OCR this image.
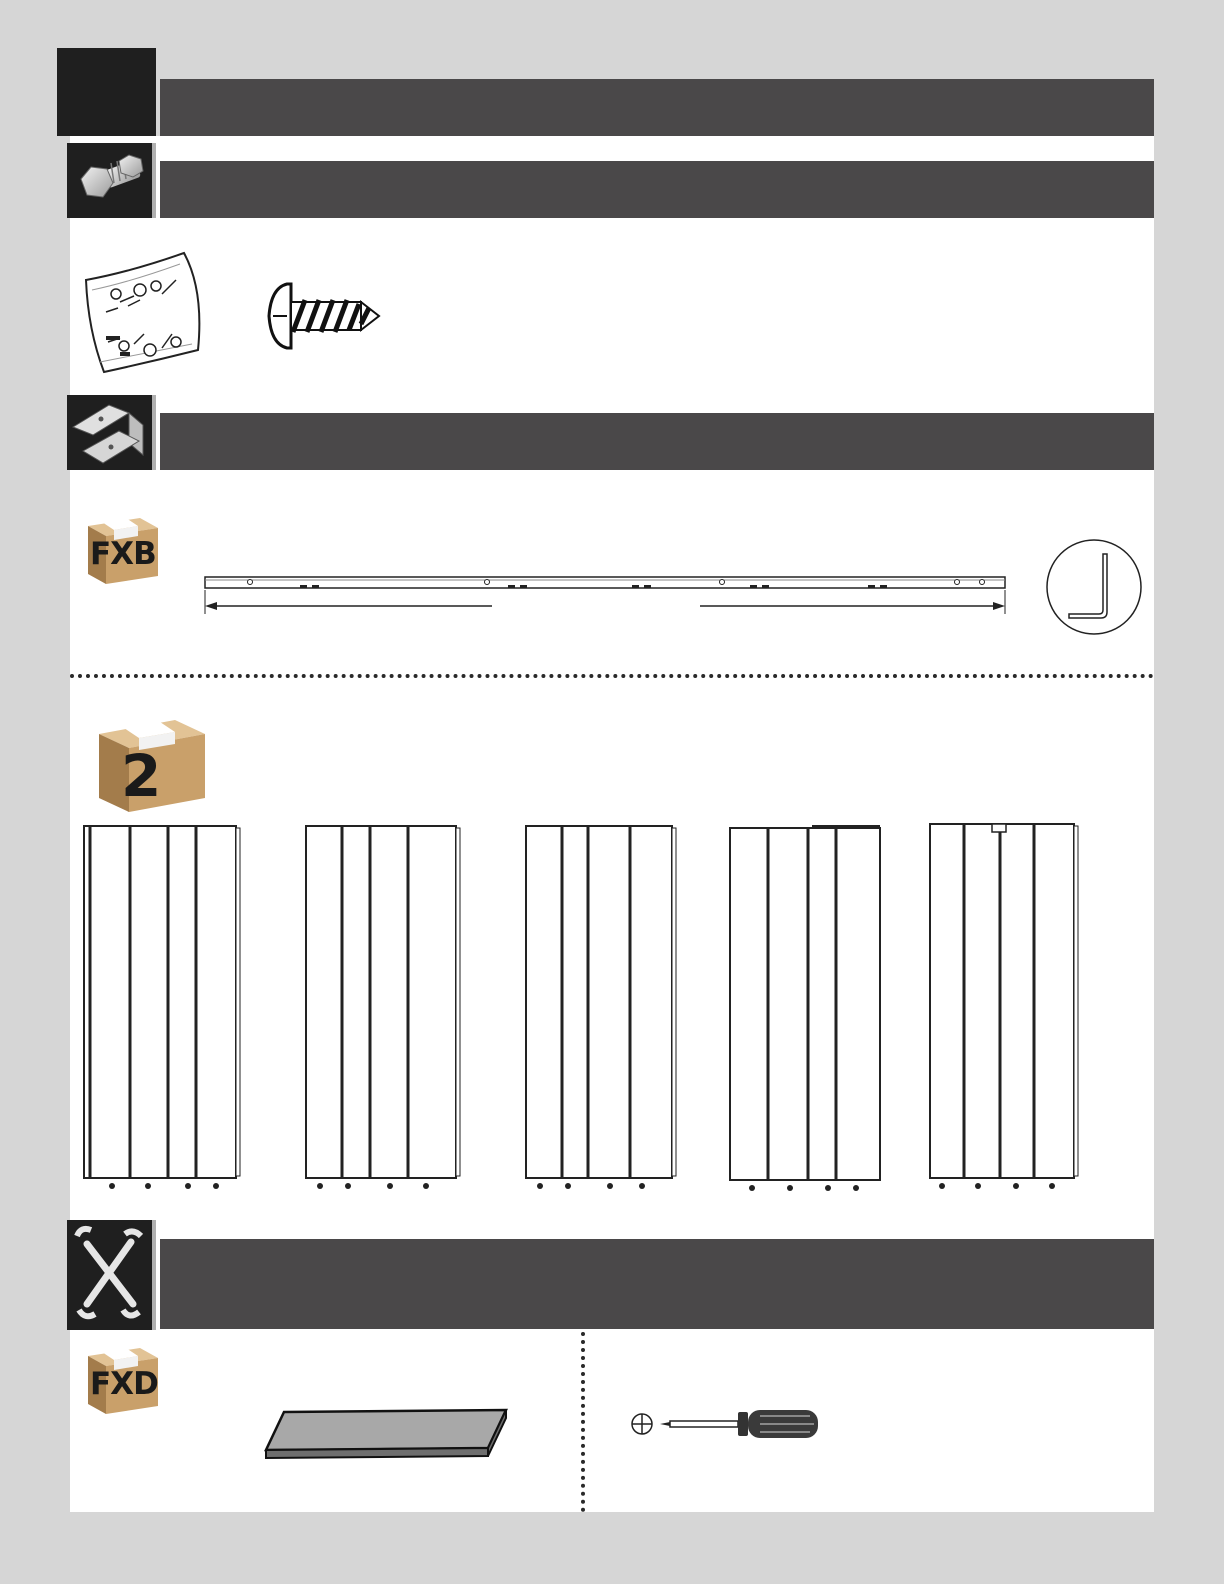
FXB
2
FXD
